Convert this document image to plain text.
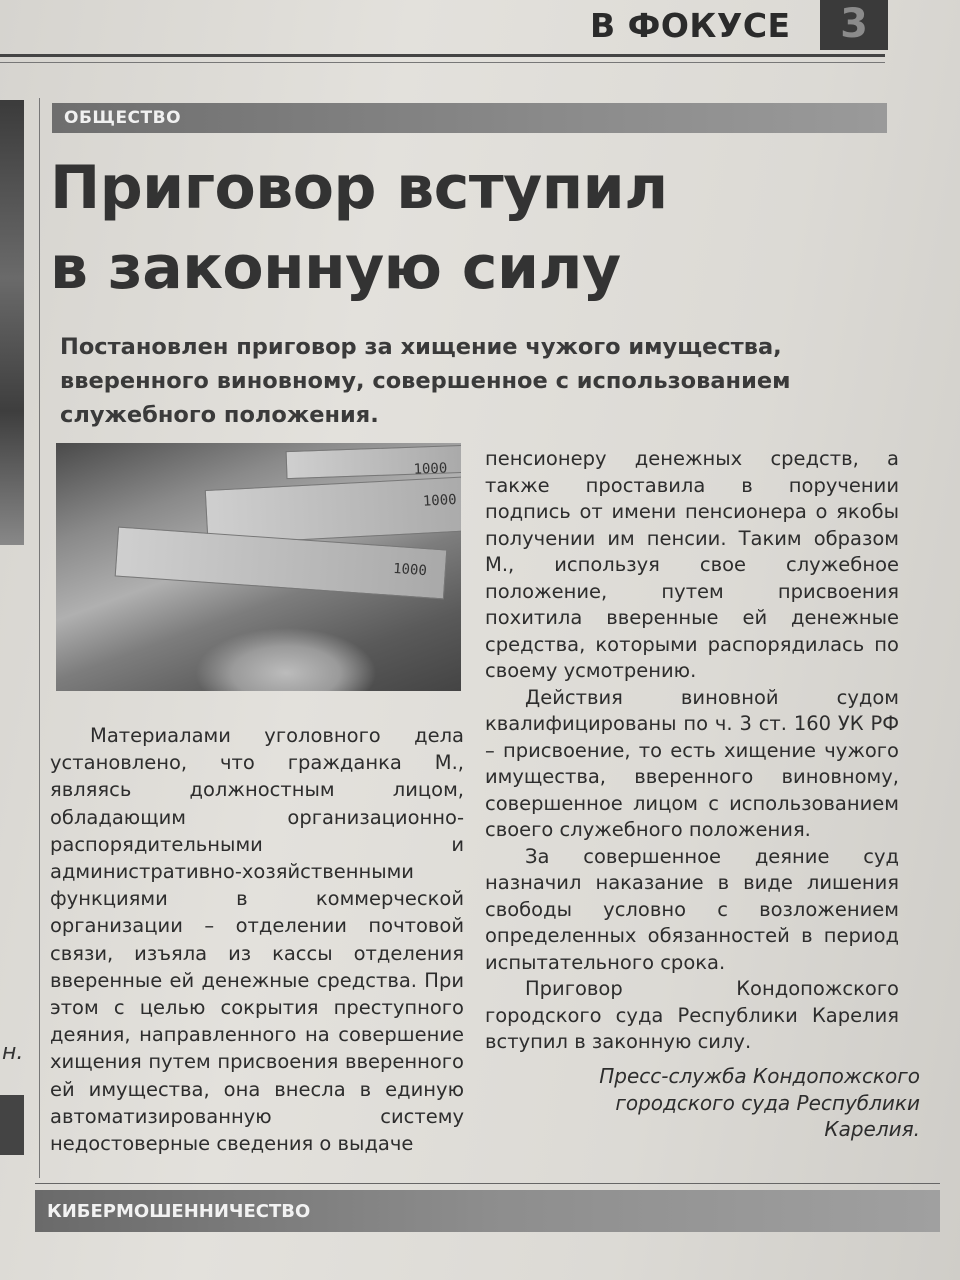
В ФОКУСЕ	3
н.
ОБЩЕСТВО
Приговор вступил
в законную силу
Постановлен приговор за хищение чужого имущества, вверенного виновному, совершенное с использованием служебного положения.
1000
1000
1000

Материалами уголовного дела установлено, что гражданка М., являясь должностным лицом, обладающим организационно-распорядительными и административно-хозяйственными функциями в коммерческой организации – отделении почтовой связи, изъяла из кассы отделения вверенные ей денежные средства. При этом с целью сокрытия преступного деяния, направленного на совершение хищения путем присвоения вверенного ей имущества, она внесла в единую автоматизированную систему недостоверные сведения о выдаче

пенсионеру денежных средств, а также проставила в поручении подпись от имени пенсионера о якобы получении им пенсии. Таким образом М., используя свое служебное положение, путем присвоения похитила вверенные ей денежные средства, которыми распорядилась по своему усмотрению.

Действия виновной судом квалифицированы по ч. 3 ст. 160 УК РФ – присвоение, то есть хищение чужого имущества, вверенного виновному, совершенное лицом с использованием своего служебного положения.

За совершенное деяние суд назначил наказание в виде лишения свободы условно с возложением определенных обязанностей в период испытательного срока.

Приговор Кондопожского городского суда Республики Карелия вступил в законную силу.

Пресс-служба Кондопожского городского суда Республики Карелия.
КИБЕРМОШЕННИЧЕСТВО
